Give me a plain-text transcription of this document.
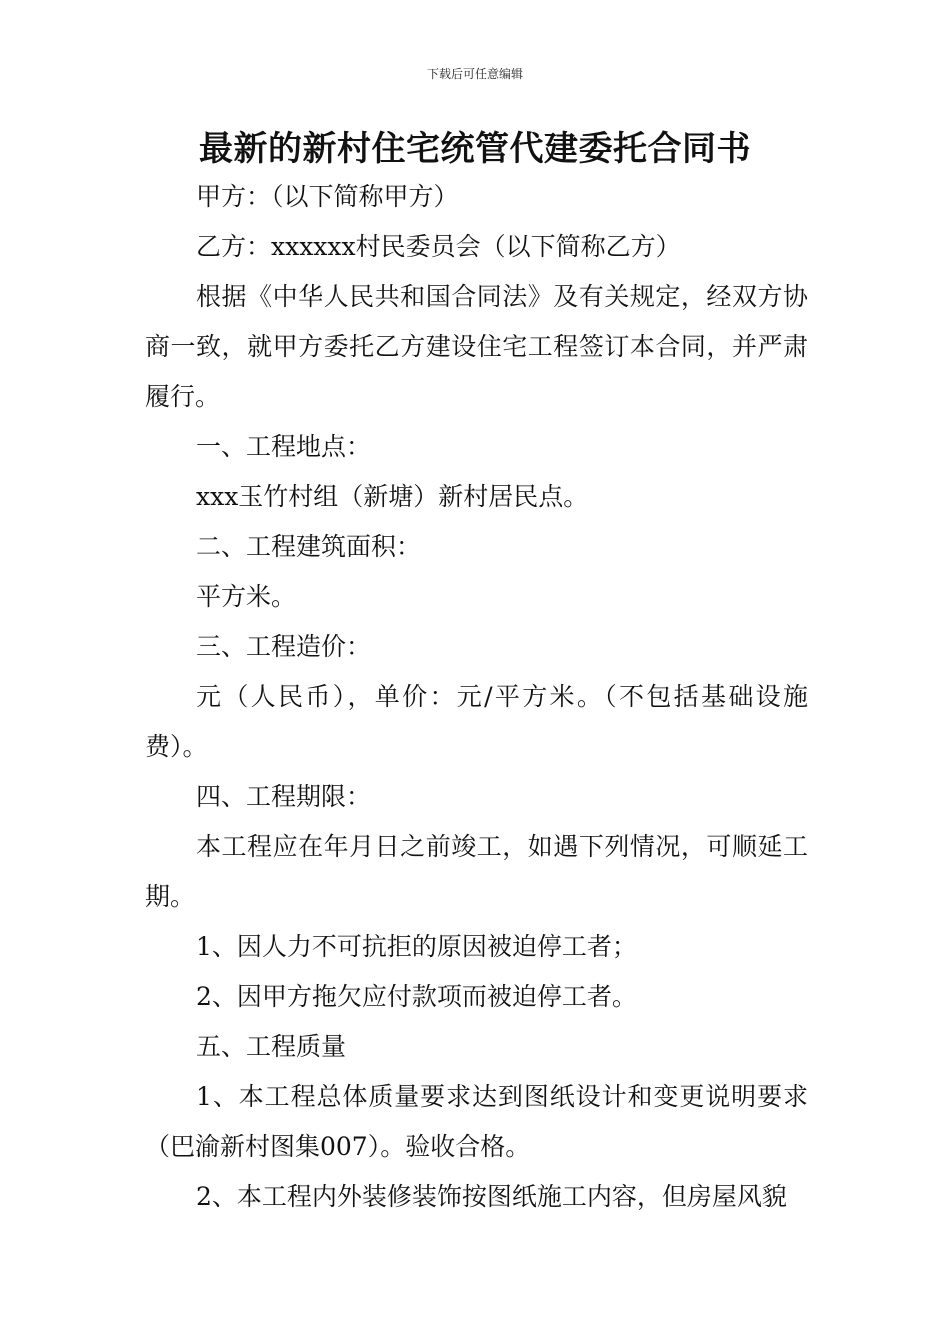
下载后可任意编辑
最新的新村住宅统管代建委托合同书

甲方：（以下简称甲方）

乙方：xxxxxx村民委员会（以下简称乙方）

根据《中华人民共和国合同法》及有关规定，经双方协商一致，就甲方委托乙方建设住宅工程签订本合同，并严肃履行。

一、工程地点：

xxx玉竹村组（新塘）新村居民点。

二、工程建筑面积：

平方米。

三、工程造价：

元（人民币），单价：元/平方米。（不包括基础设施费）。

四、工程期限：

本工程应在年月日之前竣工，如遇下列情况，可顺延工期。

1、因人力不可抗拒的原因被迫停工者；

2、因甲方拖欠应付款项而被迫停工者。

五、工程质量

1、本工程总体质量要求达到图纸设计和变更说明要求（巴渝新村图集007）。验收合格。

2、本工程内外装修装饰按图纸施工内容，但房屋风貌
